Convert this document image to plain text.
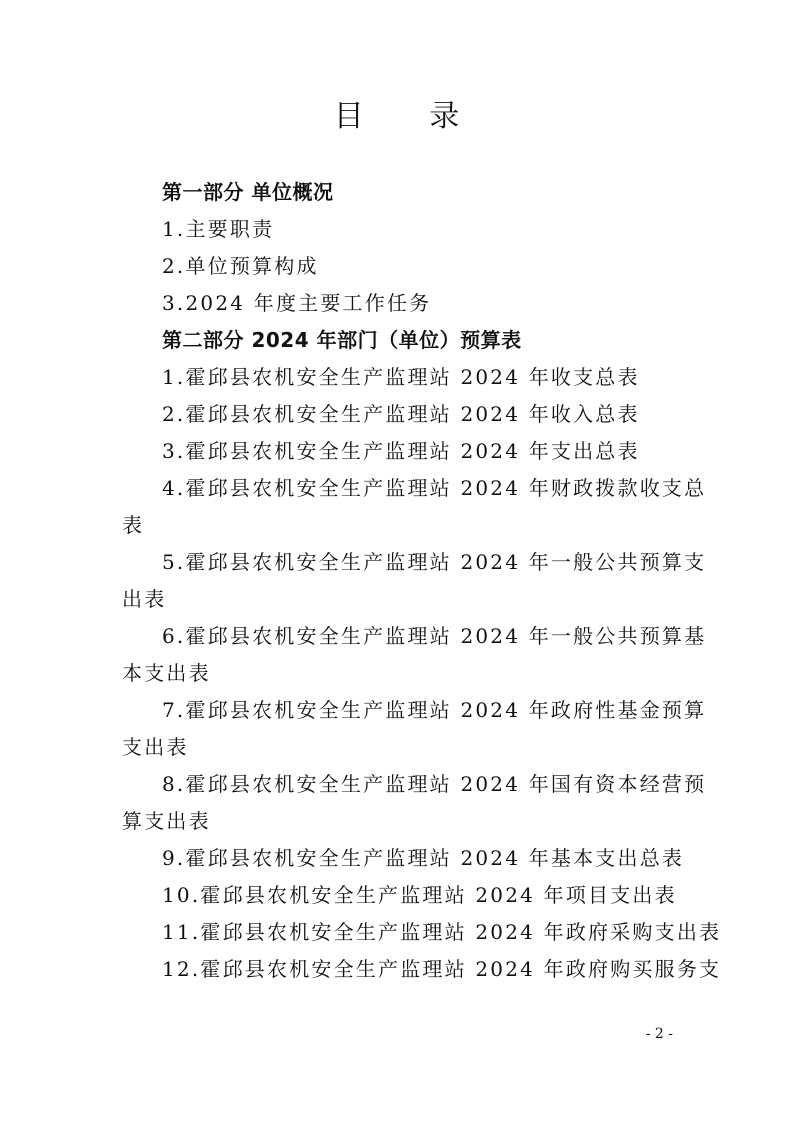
目 录
第一部分 单位概况
1.主要职责
2.单位预算构成
3.2024 年度主要工作任务
第二部分 2024 年部门（单位）预算表
1.霍邱县农机安全生产监理站 2024 年收支总表
2.霍邱县农机安全生产监理站 2024 年收入总表
3.霍邱县农机安全生产监理站 2024 年支出总表
4.霍邱县农机安全生产监理站 2024 年财政拨款收支总
表
5.霍邱县农机安全生产监理站 2024 年一般公共预算支
出表
6.霍邱县农机安全生产监理站 2024 年一般公共预算基
本支出表
7.霍邱县农机安全生产监理站 2024 年政府性基金预算
支出表
8.霍邱县农机安全生产监理站 2024 年国有资本经营预
算支出表
9.霍邱县农机安全生产监理站 2024 年基本支出总表
10.霍邱县农机安全生产监理站 2024 年项目支出表
11.霍邱县农机安全生产监理站 2024 年政府采购支出表
12.霍邱县农机安全生产监理站 2024 年政府购买服务支
- 2 -
